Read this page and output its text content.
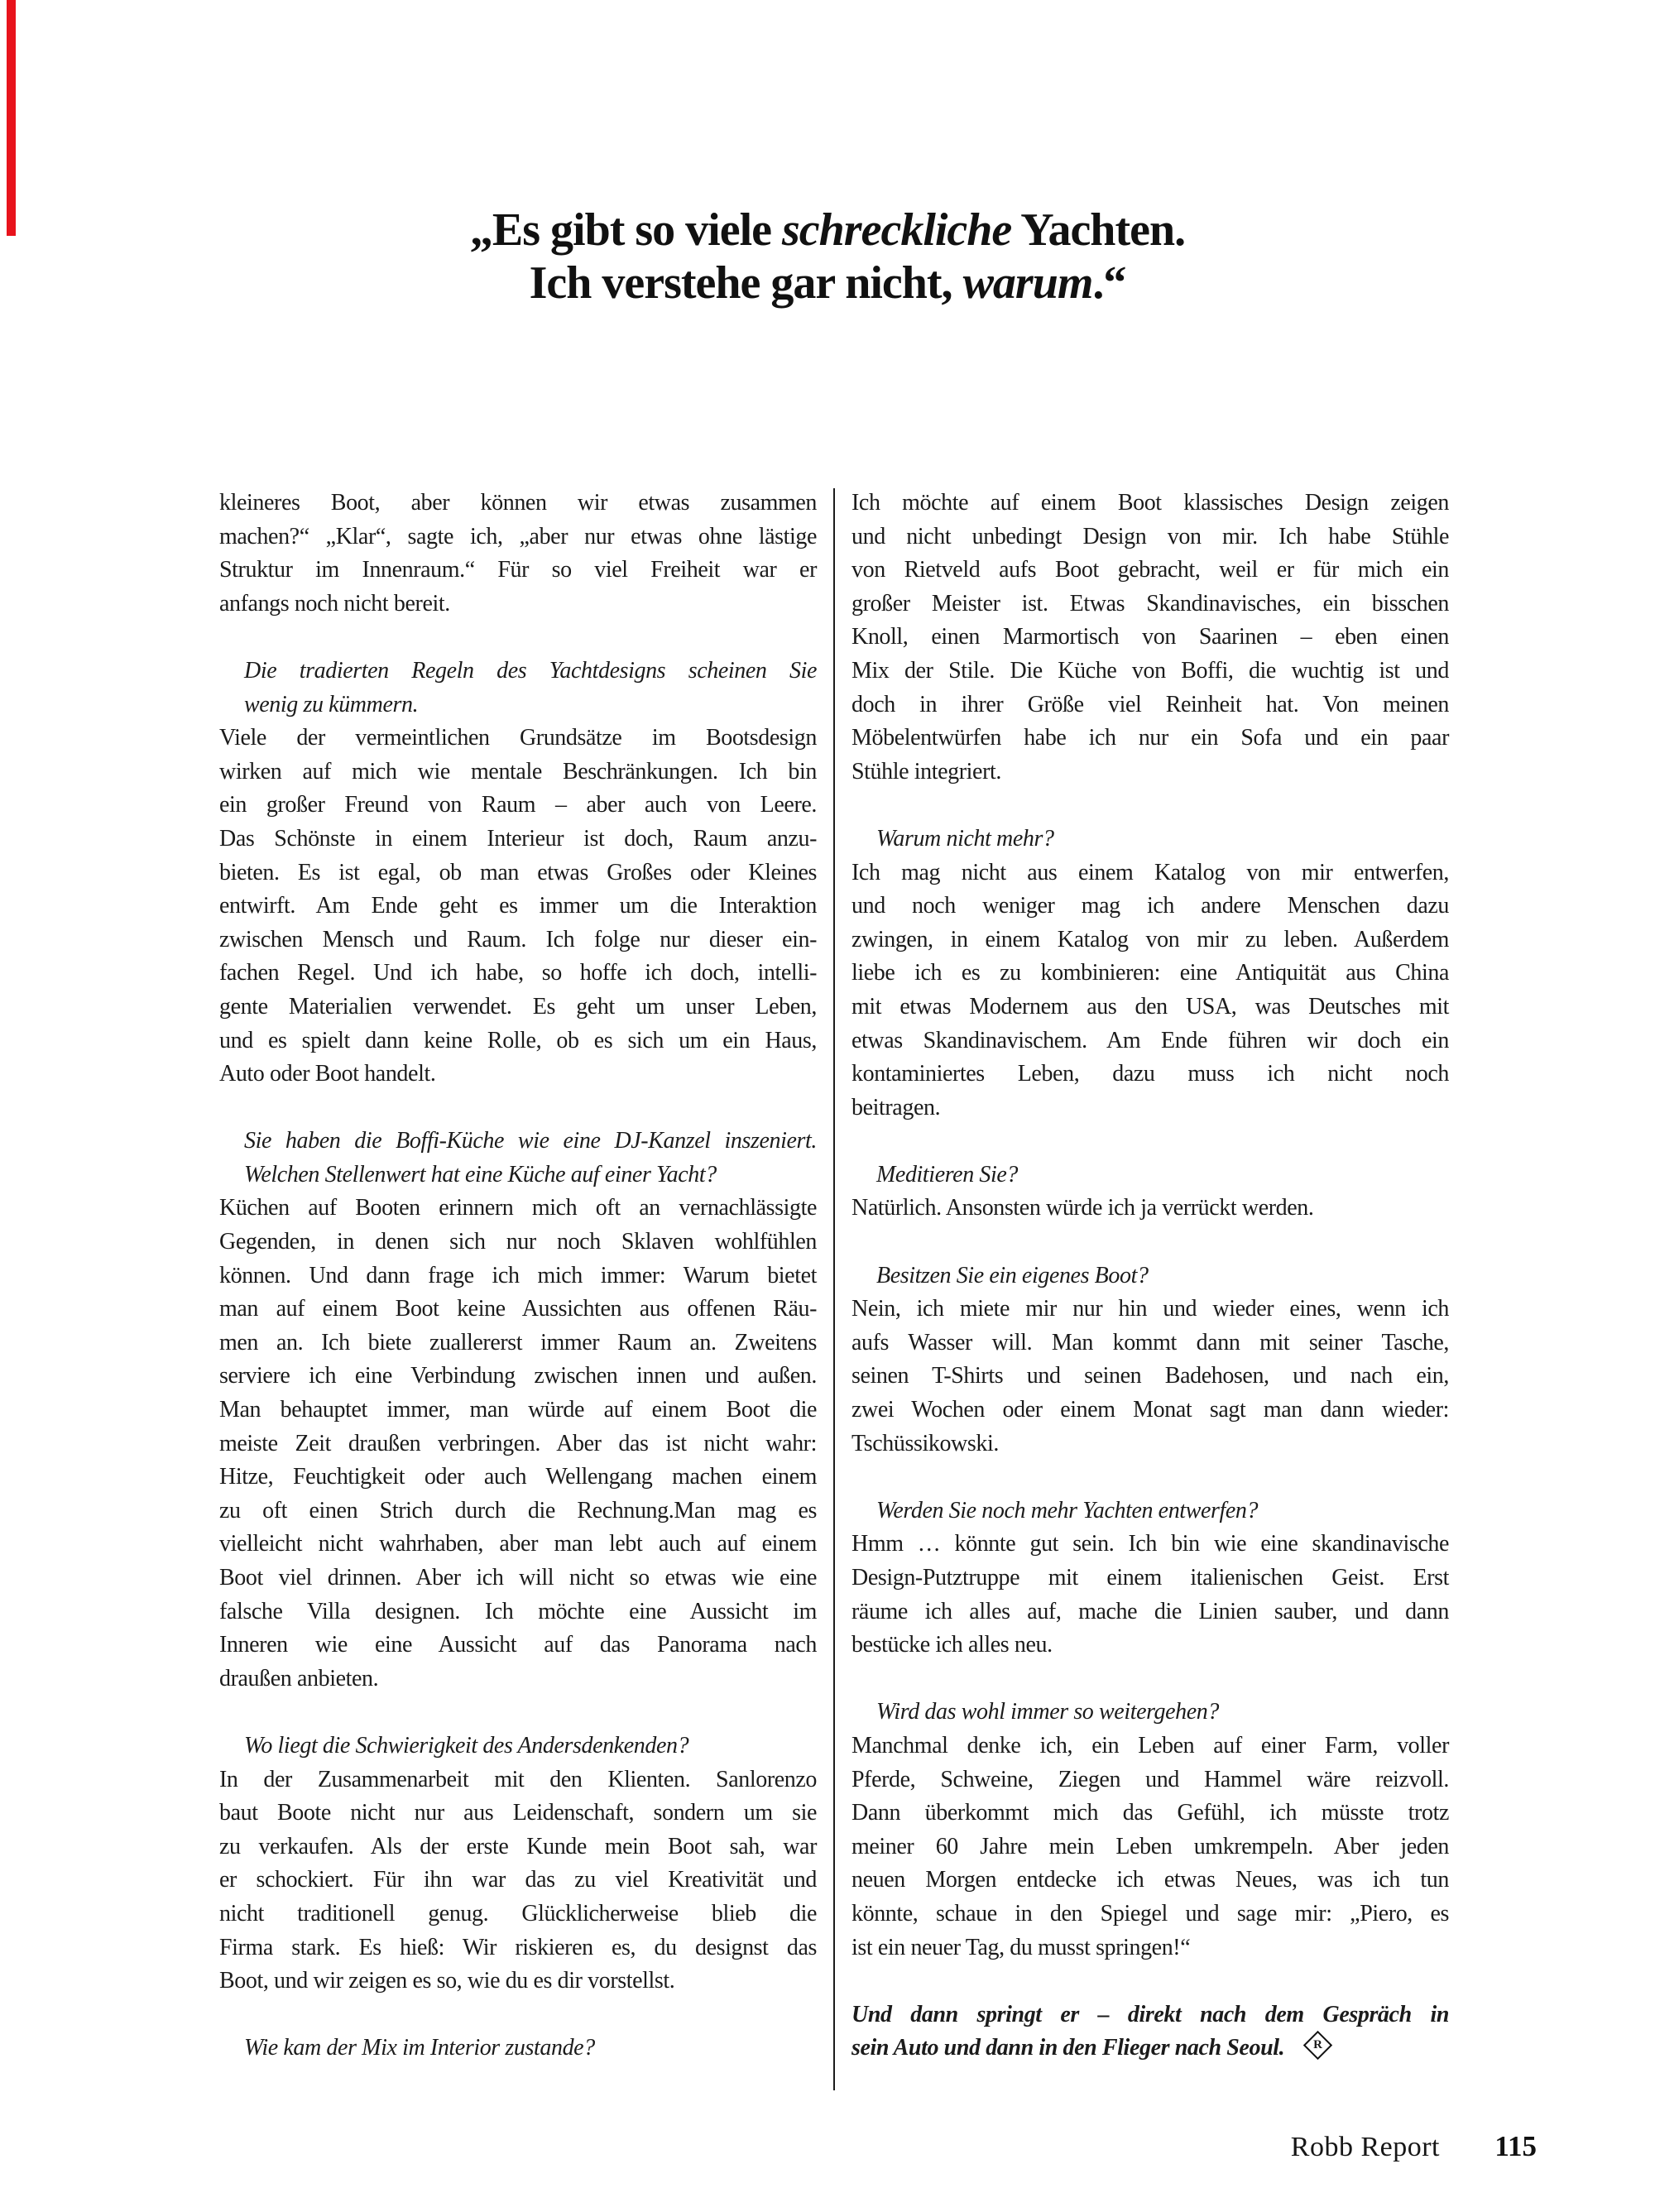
„Es gibt so viele schreckliche Yachten.
Ich verstehe gar nicht, warum.“
kleineres Boot, aber können wir etwas zusammen
machen?“ „Klar“, sagte ich, „aber nur etwas ohne lästige
Struktur im Innenraum.“ Für so viel Freiheit war er
anfangs noch nicht bereit.
Die tradierten Regeln des Yachtdesigns scheinen Sie
wenig zu kümmern.
Viele der vermeintlichen Grundsätze im Bootsdesign
wirken auf mich wie mentale Beschränkungen. Ich bin
ein großer Freund von Raum – aber auch von Leere.
Das Schönste in einem Interieur ist doch, Raum anzu-
bieten. Es ist egal, ob man etwas Großes oder Kleines
entwirft. Am Ende geht es immer um die Interaktion
zwischen Mensch und Raum. Ich folge nur dieser ein-
fachen Regel. Und ich habe, so hoffe ich doch, intelli-
gente Materialien verwendet. Es geht um unser Leben,
und es spielt dann keine Rolle, ob es sich um ein Haus,
Auto oder Boot handelt.
Sie haben die Boffi-Küche wie eine DJ-Kanzel inszeniert.
Welchen Stellenwert hat eine Küche auf einer Yacht?
Küchen auf Booten erinnern mich oft an vernachlässigte
Gegenden, in denen sich nur noch Sklaven wohlfühlen
können. Und dann frage ich mich immer: Warum bietet
man auf einem Boot keine Aussichten aus offenen Räu-
men an. Ich biete zuallererst immer Raum an. Zweitens
serviere ich eine Verbindung zwischen innen und außen.
Man behauptet immer, man würde auf einem Boot die
meiste Zeit draußen verbringen. Aber das ist nicht wahr:
Hitze, Feuchtigkeit oder auch Wellengang machen einem
zu oft einen Strich durch die Rechnung.Man mag es
vielleicht nicht wahrhaben, aber man lebt auch auf einem
Boot viel drinnen. Aber ich will nicht so etwas wie eine
falsche Villa designen. Ich möchte eine Aussicht im
Inneren wie eine Aussicht auf das Panorama nach
draußen anbieten.
Wo liegt die Schwierigkeit des Andersdenkenden?
In der Zusammenarbeit mit den Klienten. Sanlorenzo
baut Boote nicht nur aus Leidenschaft, sondern um sie
zu verkaufen. Als der erste Kunde mein Boot sah, war
er schockiert. Für ihn war das zu viel Kreativität und
nicht traditionell genug. Glücklicherweise blieb die
Firma stark. Es hieß: Wir riskieren es, du designst das
Boot, und wir zeigen es so, wie du es dir vorstellst.
Wie kam der Mix im Interior zustande?
Ich möchte auf einem Boot klassisches Design zeigen
und nicht unbedingt Design von mir. Ich habe Stühle
von Rietveld aufs Boot gebracht, weil er für mich ein
großer Meister ist. Etwas Skandinavisches, ein bisschen
Knoll, einen Marmortisch von Saarinen – eben einen
Mix der Stile. Die Küche von Boffi, die wuchtig ist und
doch in ihrer Größe viel Reinheit hat. Von meinen
Möbelentwürfen habe ich nur ein Sofa und ein paar
Stühle integriert.
Warum nicht mehr?
Ich mag nicht aus einem Katalog von mir entwerfen,
und noch weniger mag ich andere Menschen dazu
zwingen, in einem Katalog von mir zu leben. Außerdem
liebe ich es zu kombinieren: eine Antiquität aus China
mit etwas Modernem aus den USA, was Deutsches mit
etwas Skandinavischem. Am Ende führen wir doch ein
kontaminiertes Leben, dazu muss ich nicht noch
beitragen.
Meditieren Sie?
Natürlich. Ansonsten würde ich ja verrückt werden.
Besitzen Sie ein eigenes Boot?
Nein, ich miete mir nur hin und wieder eines, wenn ich
aufs Wasser will. Man kommt dann mit seiner Tasche,
seinen T-Shirts und seinen Badehosen, und nach ein,
zwei Wochen oder einem Monat sagt man dann wieder:
Tschüssikowski.
Werden Sie noch mehr Yachten entwerfen?
Hmm … könnte gut sein. Ich bin wie eine skandinavische
Design-Putztruppe mit einem italienischen Geist. Erst
räume ich alles auf, mache die Linien sauber, und dann
bestücke ich alles neu.
Wird das wohl immer so weitergehen?
Manchmal denke ich, ein Leben auf einer Farm, voller
Pferde, Schweine, Ziegen und Hammel wäre reizvoll.
Dann überkommt mich das Gefühl, ich müsste trotz
meiner 60 Jahre mein Leben umkrempeln. Aber jeden
neuen Morgen entdecke ich etwas Neues, was ich tun
könnte, schaue in den Spiegel und sage mir: „Piero, es
ist ein neuer Tag, du musst springen!“
Und dann springt er – direkt nach dem Gespräch in
sein Auto und dann in den Flieger nach Seoul.	R
Robb Report 115
